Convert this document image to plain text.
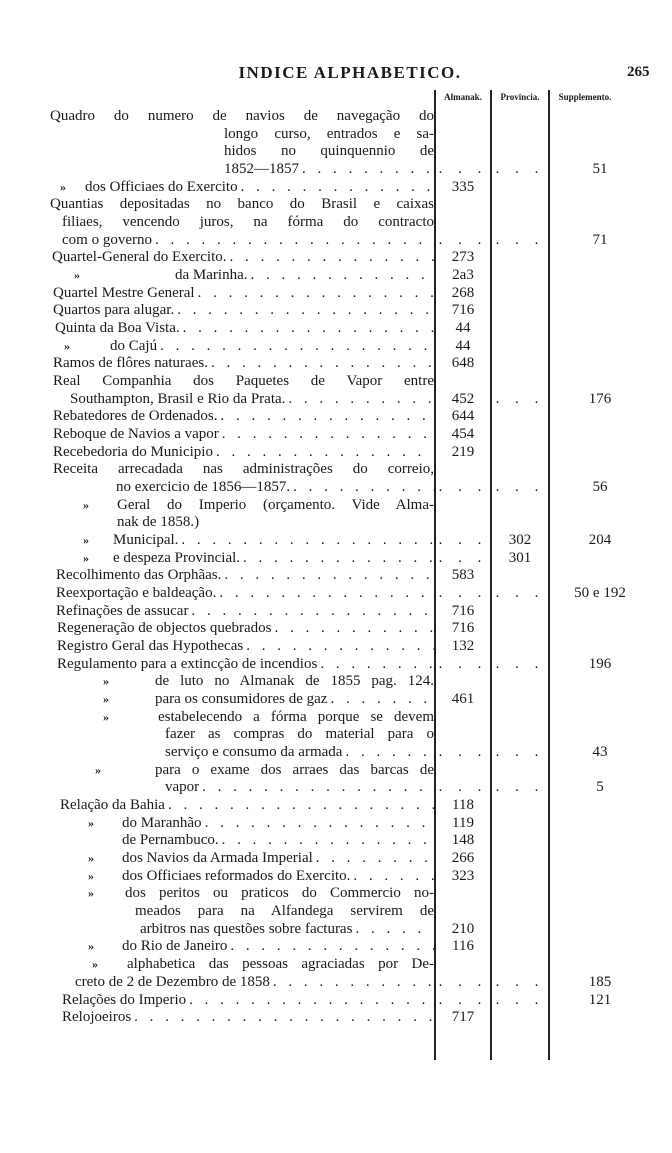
INDICE ALPHABETICO.	265
Almanak.	Provincia.	Supplemento.
Quadro do numero de navios de navegação do
longo curso, entrados e sa-
hidos no quinquennio de
1852—1857 . . .	. . . . . .	51
» dos Officiaes do Exercito . . .	335
Quantias depositadas no banco do Brasil e caixas
filiaes, vencendo juros, na fórma do contracto
com o governo . . .	. . . . . .	71
Quartel-General do Exercito. . . .	273
»	da Marinha. . . .	2a3
Quartel Mestre General . . .	268
Quartos para alugar. . . .	716
Quinta da Boa Vista. . . .	44
»	do Cajú . . .	44
Ramos de flôres naturaes. . . .	648
Real Companhia dos Paquetes de Vapor entre
Southampton, Brasil e Rio da Prata. . . .	452	. . .	176
Rebatedores de Ordenados. . . .	644
Reboque de Navios a vapor . . .	454
Recebedoria do Municipio . . .	219
Receita arrecadada nas administrações do correio,
no exercicio de 1856—1857. . . .	. . . . . .	56
» Geral do Imperio (orçamento. Vide Alma-
nak de 1858.)
» Municipal. . . .	. . .	302	204
» e despeza Provincial. . . .	. . .	301
Recolhimento das Orphãas. . . .	583
Reexportação e baldeação. . . .	. . . . . .	50 e 192
Refinações de assucar . . .	716
Regeneração de objectos quebrados . . .	716
Registro Geral das Hypothecas . . .	132
Regulamento para a extincção de incendios . . .	. . . . . .	196
»	de luto no Almanak de 1855 pag. 124.
»	para os consumidores de gaz . . .	461
»	estabelecendo a fórma porque se devem
fazer as compras do material para o
serviço e consumo da armada . . .	. . . . . .	43
»	para o exame dos arraes das barcas de
vapor . . .	. . . . . .	5
Relação da Bahia . . .	118
» do Maranhão . . .	119
de Pernambuco. . . .	148
» dos Navios da Armada Imperial . . .	266
» dos Officiaes reformados do Exercito. . . .	323
» dos peritos ou praticos do Commercio no-
meados para na Alfandega servirem de
arbitros nas questões sobre facturas . . .	210
» do Rio de Janeiro . . .	116
» alphabetica das pessoas agraciadas por De-
creto de 2 de Dezembro de 1858 . . .	. . . . . .	185
Relações do Imperio . . .	. . . . . .	121
Relojoeiros . . .	717
